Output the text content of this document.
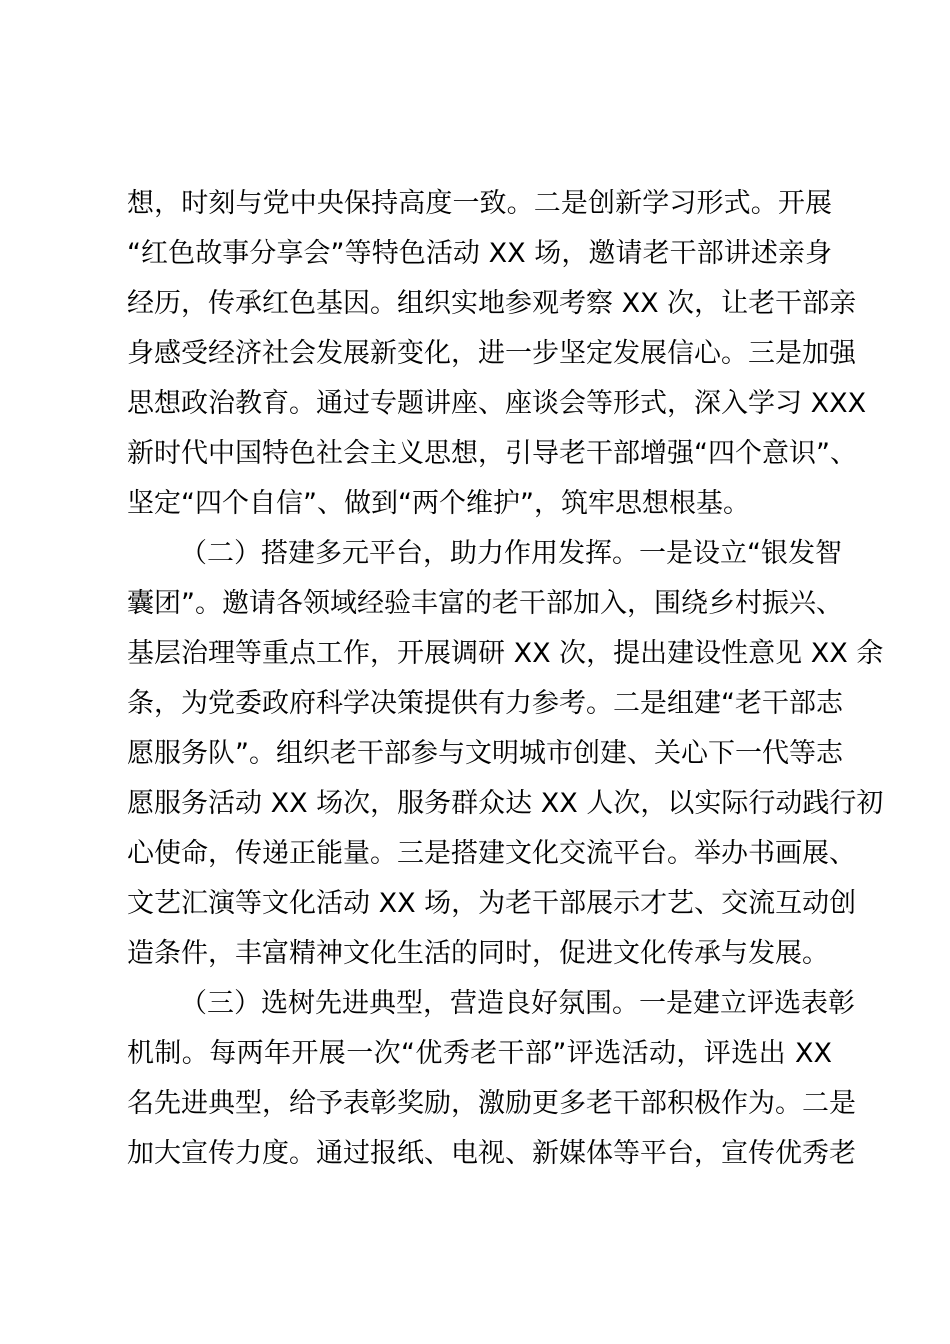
想，时刻与党中央保持高度一致。二是创新学习形式。开展
“红色故事分享会”等特色活动 XX 场，邀请老干部讲述亲身
经历，传承红色基因。组织实地参观考察 XX 次，让老干部亲
身感受经济社会发展新变化，进一步坚定发展信心。三是加强
思想政治教育。通过专题讲座、座谈会等形式，深入学习 XXX
新时代中国特色社会主义思想，引导老干部增强“四个意识”、
坚定“四个自信”、做到“两个维护”，筑牢思想根基。
（二）搭建多元平台，助力作用发挥。一是设立“银发智
囊团”。邀请各领域经验丰富的老干部加入，围绕乡村振兴、
基层治理等重点工作，开展调研 XX 次，提出建设性意见 XX 余
条，为党委政府科学决策提供有力参考。二是组建“老干部志
愿服务队”。组织老干部参与文明城市创建、关心下一代等志
愿服务活动 XX 场次，服务群众达 XX 人次，以实际行动践行初
心使命，传递正能量。三是搭建文化交流平台。举办书画展、
文艺汇演等文化活动 XX 场，为老干部展示才艺、交流互动创
造条件，丰富精神文化生活的同时，促进文化传承与发展。
（三）选树先进典型，营造良好氛围。一是建立评选表彰
机制。每两年开展一次“优秀老干部”评选活动，评选出 XX
名先进典型，给予表彰奖励，激励更多老干部积极作为。二是
加大宣传力度。通过报纸、电视、新媒体等平台，宣传优秀老
